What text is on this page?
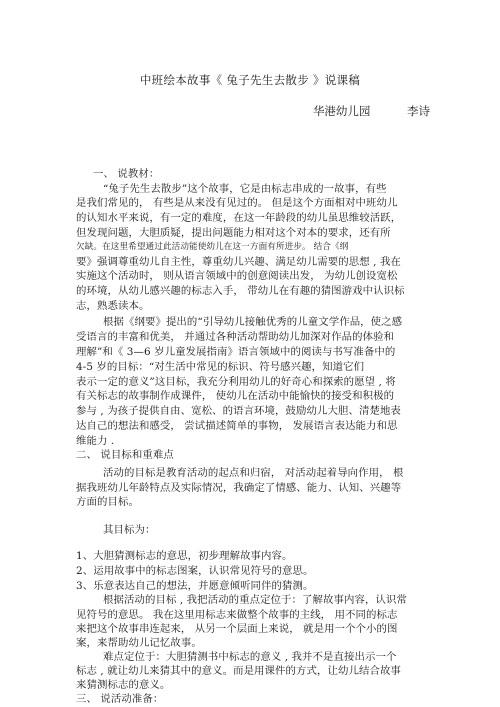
中班绘本故事《 兔子先生去散步 》说课稿
华港幼儿园          李诗
一、 说教材：
“兔子先生去散步”这个故事，它是由标志串成的一故事，有些
是我们常见的， 有些是从来没有见过的。 但是这个方面相对中班幼儿
的认知水平来说，有一定的难度，在这一年龄段的幼儿虽思维较活跃，
但发现问题，大胆质疑，提出问题能力相对这个对本的要求，还有所
欠缺。在这里希望通过此活动能使幼儿在这一方面有所进步。 结合《纲
要》强调尊重幼儿自主性，尊重幼儿兴趣、满足幼儿需要的思想 , 我在
实施这个活动时， 则从语言领域中的创意阅读出发， 为幼儿创设宽松
的环境，从幼儿感兴趣的标志入手， 带幼儿在有趣的猜图游戏中认识标
志，熟悉读本。
根据《纲要》提出的“引导幼儿接触优秀的儿童文学作品，使之感
受语言的丰富和优美， 并通过各种活动帮助幼儿加深对作品的体验和
理解”和《 3—6 岁儿童发展指南》语言领域中的阅读与书写准备中的
4-5 岁的目标：“对生活中常见的标识、符号感兴趣，知道它们
表示一定的意义”这目标，我充分利用幼儿的好奇心和探索的愿望 , 将
有关标志的故事制作成课件， 使幼儿在活动中能愉快的接受和积极的
参与 , 为孩子提供自由、宽松、的语言环境，鼓励幼儿大胆、清楚地表
达自己的想法和感受， 尝试描述简单的事物， 发展语言表达能力和思
维能力 .
二、 说目标和重难点
活动的目标是教育活动的起点和归宿， 对活动起着导向作用， 根
据我班幼儿年龄特点及实际情况，我确定了情感、能力、认知、兴趣等
方面的目标。
其目标为：
1、大胆猜测标志的意思，初步理解故事内容。
2、运用故事中的标志图案，认识常见符号的意思。
3、乐意表达自己的想法，并愿意倾听同伴的猜测。
根据活动的目标 , 我把活动的重点定位于：了解故事内容，认识常
见符号的意思。 我在这里用标志来做整个故事的主线， 用不同的标志
来把这个故事串连起来， 从另一个层面上来说， 就是用一个个小的图
案，来帮助幼儿记忆故事。
难点定位于：大胆猜测书中标志的意义 , 我并不是直接出示一个
标志 , 就让幼儿来猜其中的意义。而是用课件的方式，让幼儿结合故事
来猜测标志的意义。
三、 说活动准备：
